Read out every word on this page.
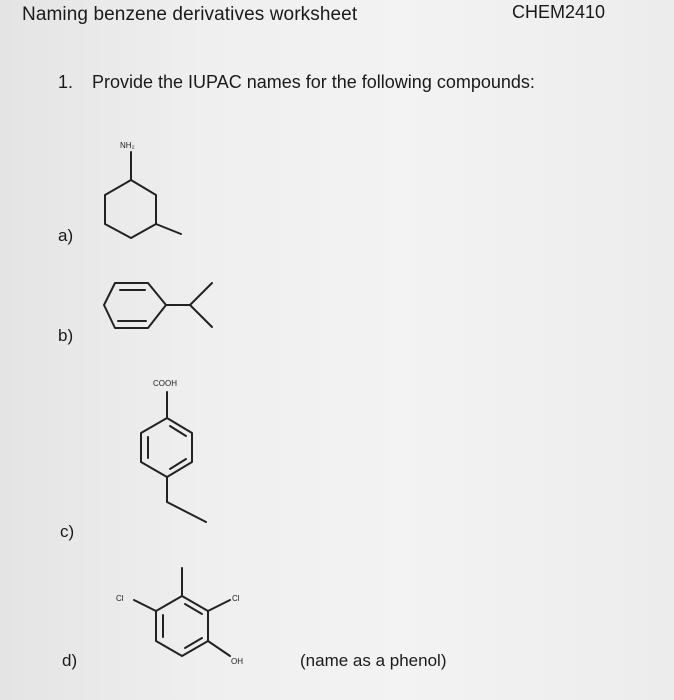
Naming benzene derivatives worksheet	CHEM2410
1. Provide the IUPAC names for the following compounds:
a)
b)
c)
d)	(name as a phenol)
NH₂
COOH
Cl	Cl
OH
